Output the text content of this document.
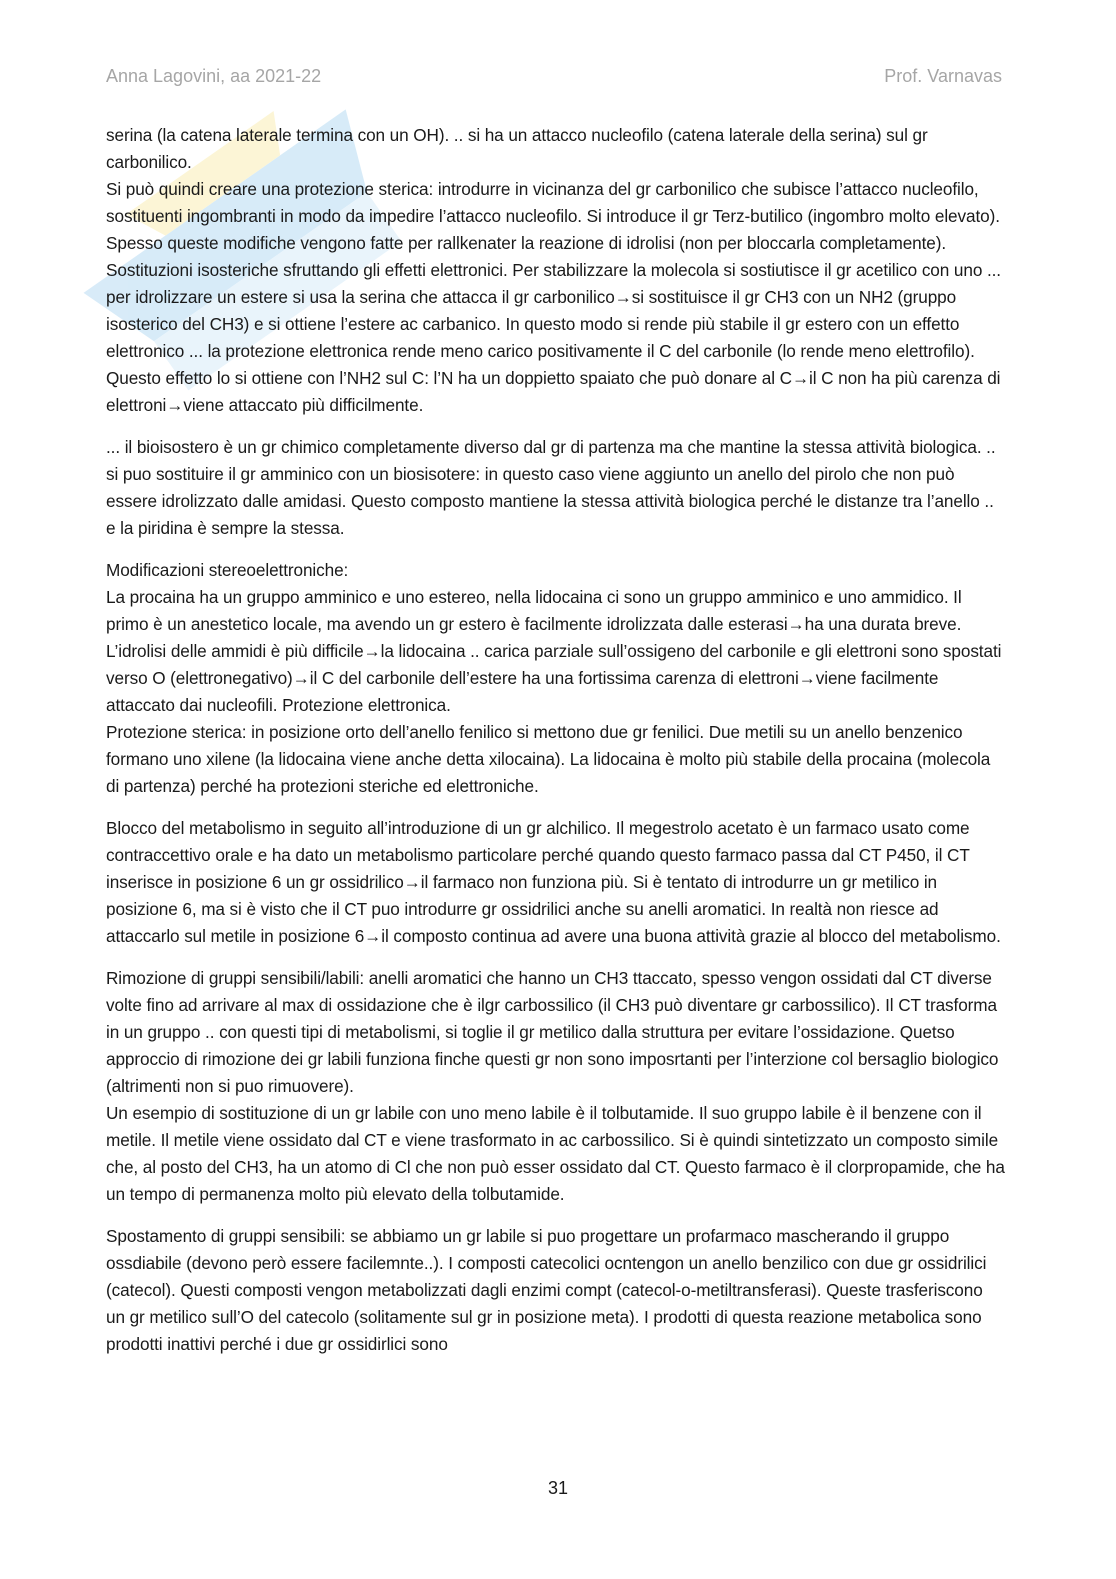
Anna Lagovini, aa 2021-22	Prof. Varnavas

serina (la catena laterale termina con un OH). .. si ha un attacco nucleofilo (catena laterale della serina) sul gr carbonilico.

Si può quindi creare una protezione sterica: introdurre in vicinanza del gr carbonilico che subisce l’attacco nucleofilo, sostituenti ingombranti in modo da impedire l’attacco nucleofilo. Si introduce il gr Terz-butilico (ingombro molto elevato). Spesso queste modifiche vengono fatte per rallkenater la reazione di idrolisi (non per bloccarla completamente).

Sostituzioni isosteriche sfruttando gli effetti elettronici. Per stabilizzare la molecola si sostiutisce il gr acetilico con uno ... per idrolizzare un estere si usa la serina che attacca il gr carbonilico→si sostituisce il gr CH3 con un NH2 (gruppo isosterico del CH3) e si ottiene l’estere ac carbanico. In questo modo si rende più stabile il gr estero con un effetto elettronico ... la protezione elettronica rende meno carico positivamente il C del carbonile (lo rende meno elettrofilo). Questo effetto lo si ottiene con l’NH2 sul C: l’N ha un doppietto spaiato che può donare al C→il C non ha più carenza di elettroni→viene attaccato più difficilmente.

... il bioisostero è un gr chimico completamente diverso dal gr di partenza ma che mantine la stessa attività biologica. .. si puo sostituire il gr amminico con un biosisotere: in questo caso viene aggiunto un anello del pirolo che non può essere idrolizzato dalle amidasi. Questo composto mantiene la stessa attività biologica perché le distanze tra l’anello .. e la piridina è sempre la stessa.

Modificazioni stereoelettroniche:

La procaina ha un gruppo amminico e uno estereo, nella lidocaina ci sono un gruppo amminico e uno ammidico. Il primo è un anestetico locale, ma avendo un gr estero è facilmente idrolizzata dalle esterasi→ha una durata breve. L’idrolisi delle ammidi è più difficile→la lidocaina .. carica parziale sull’ossigeno del carbonile e gli elettroni sono spostati verso O (elettronegativo)→il C del carbonile dell’estere ha una fortissima carenza di elettroni→viene facilmente attaccato dai nucleofili. Protezione elettronica.

Protezione sterica: in posizione orto dell’anello fenilico si mettono due gr fenilici. Due metili su un anello benzenico formano uno xilene (la lidocaina viene anche detta xilocaina). La lidocaina è molto più stabile della procaina (molecola di partenza) perché ha protezioni steriche ed elettroniche.

Blocco del metabolismo in seguito all’introduzione di un gr alchilico. Il megestrolo acetato è un farmaco usato come contraccettivo orale e ha dato un metabolismo particolare perché quando questo farmaco passa dal CT P450, il CT inserisce in posizione 6 un gr ossidrilico→il farmaco non funziona più. Si è tentato di introdurre un gr metilico in posizione 6, ma si è visto che il CT puo introdurre gr ossidrilici anche su anelli aromatici. In realtà non riesce ad attaccarlo sul metile in posizione 6→il composto continua ad avere una buona attività grazie al blocco del metabolismo.

Rimozione di gruppi sensibili/labili: anelli aromatici che hanno un CH3 ttaccato, spesso vengon ossidati dal CT diverse volte fino ad arrivare al max di ossidazione che è ilgr carbossilico (il CH3 può diventare gr carbossilico). Il CT trasforma in un gruppo .. con questi tipi di metabolismi, si toglie il gr metilico dalla struttura per evitare l’ossidazione. Quetso approccio di rimozione dei gr labili funziona finche questi gr non sono imposrtanti per l’interzione col bersaglio biologico (altrimenti non si puo rimuovere).

Un esempio di sostituzione di un gr labile con uno meno labile è il tolbutamide. Il suo gruppo labile è il benzene con il metile. Il metile viene ossidato dal CT e viene trasformato in ac carbossilico. Si è quindi sintetizzato un composto simile che, al posto del CH3, ha un atomo di Cl che non può esser ossidato dal CT. Questo farmaco è il clorpropamide, che ha un tempo di permanenza molto più elevato della tolbutamide.

Spostamento di gruppi sensibili: se abbiamo un gr labile si puo progettare un profarmaco mascherando il gruppo ossdiabile (devono però essere facilemnte..). I composti catecolici ocntengon un anello benzilico con due gr ossidrilici (catecol). Questi composti vengon metabolizzati dagli enzimi compt (catecol-o-metiltransferasi). Queste trasferiscono un gr metilico sull’O del catecolo (solitamente sul gr in posizione meta). I prodotti di questa reazione metabolica sono prodotti inattivi perché i due gr ossidirlici sono

31
